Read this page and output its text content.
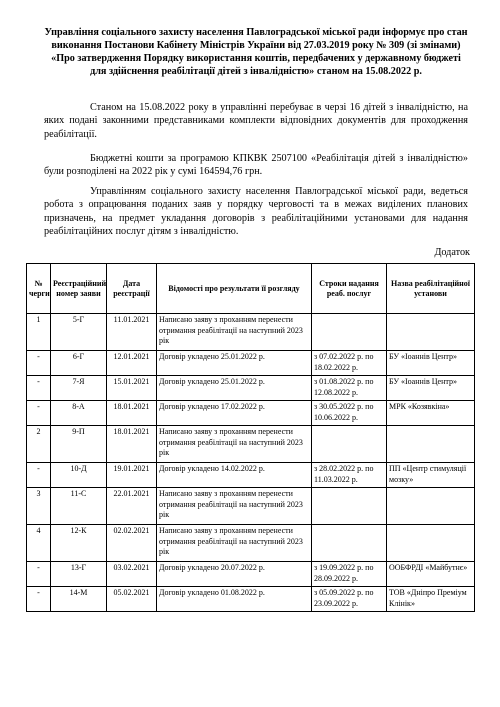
Управління соціального захисту населення Павлоградської міської ради інформує про стан виконання Постанови Кабінету Міністрів України від 27.03.2019 року № 309 (зі змінами) «Про затвердження Порядку використання коштів, передбачених у державному бюджеті для здійснення реабілітації дітей з інвалідністю» станом на 15.08.2022 р.
Станом на 15.08.2022 року в управлінні перебуває в черзі 16 дітей з інвалідністю, на яких подані законними представниками комплекти відповідних документів для проходження реабілітації.
Бюджетні кошти за програмою КПКВК 2507100 «Реабілітація дітей з інвалідністю» були розподілені на 2022 рік у сумі 164594,76 грн.
Управлінням соціального захисту населення Павлоградської міської ради, ведеться робота з опрацювання поданих заяв у порядку черговості та в межах виділених планових призначень, на предмет укладання договорів з реабілітаційними установами для надання реабілітаційних послуг дітям з інвалідністю.
Додаток
№ черги	Реєстраційний номер заяви	Дата реєстрації	Відомості про результати її розгляду	Строки надання реаб. послуг	Назва реабілітаційної установи
1	5-Г	11.01.2021	Написано заяву з проханням перенести отримання реабілітації на наступний 2023 рік		
-	6-Г	12.01.2021	Договір укладено 25.01.2022 р.	з 07.02.2022 р. по 18.02.2022 р.	БУ «Іоаннів Центр»
-	7-Я	15.01.2021	Договір укладено 25.01.2022 р.	з 01.08.2022 р. по 12.08.2022 р.	БУ «Іоаннів Центр»
-	8-А	18.01.2021	Договір укладено 17.02.2022 р.	з 30.05.2022 р. по 10.06.2022 р.	МРК «Козявкіна»
2	9-П	18.01.2021	Написано заяву з проханням перенести отримання реабілітації на наступний 2023 рік		
-	10-Д	19.01.2021	Договір укладено 14.02.2022 р.	з 28.02.2022 р. по 11.03.2022 р.	ПП «Центр стимуляції мозку»
3	11-С	22.01.2021	Написано заяву з проханням перенести отримання реабілітації на наступний 2023 рік		
4	12-К	02.02.2021	Написано заяву з проханням перенести отримання реабілітації на наступний 2023 рік		
-	13-Г	03.02.2021	Договір укладено 20.07.2022 р.	з 19.09.2022 р. по 28.09.2022 р.	ООБФРДІ «Майбутнє»
-	14-М	05.02.2021	Договір укладено 01.08.2022 р.	з 05.09.2022 р. по 23.09.2022 р.	ТОВ «Дніпро Преміум Клінік»
